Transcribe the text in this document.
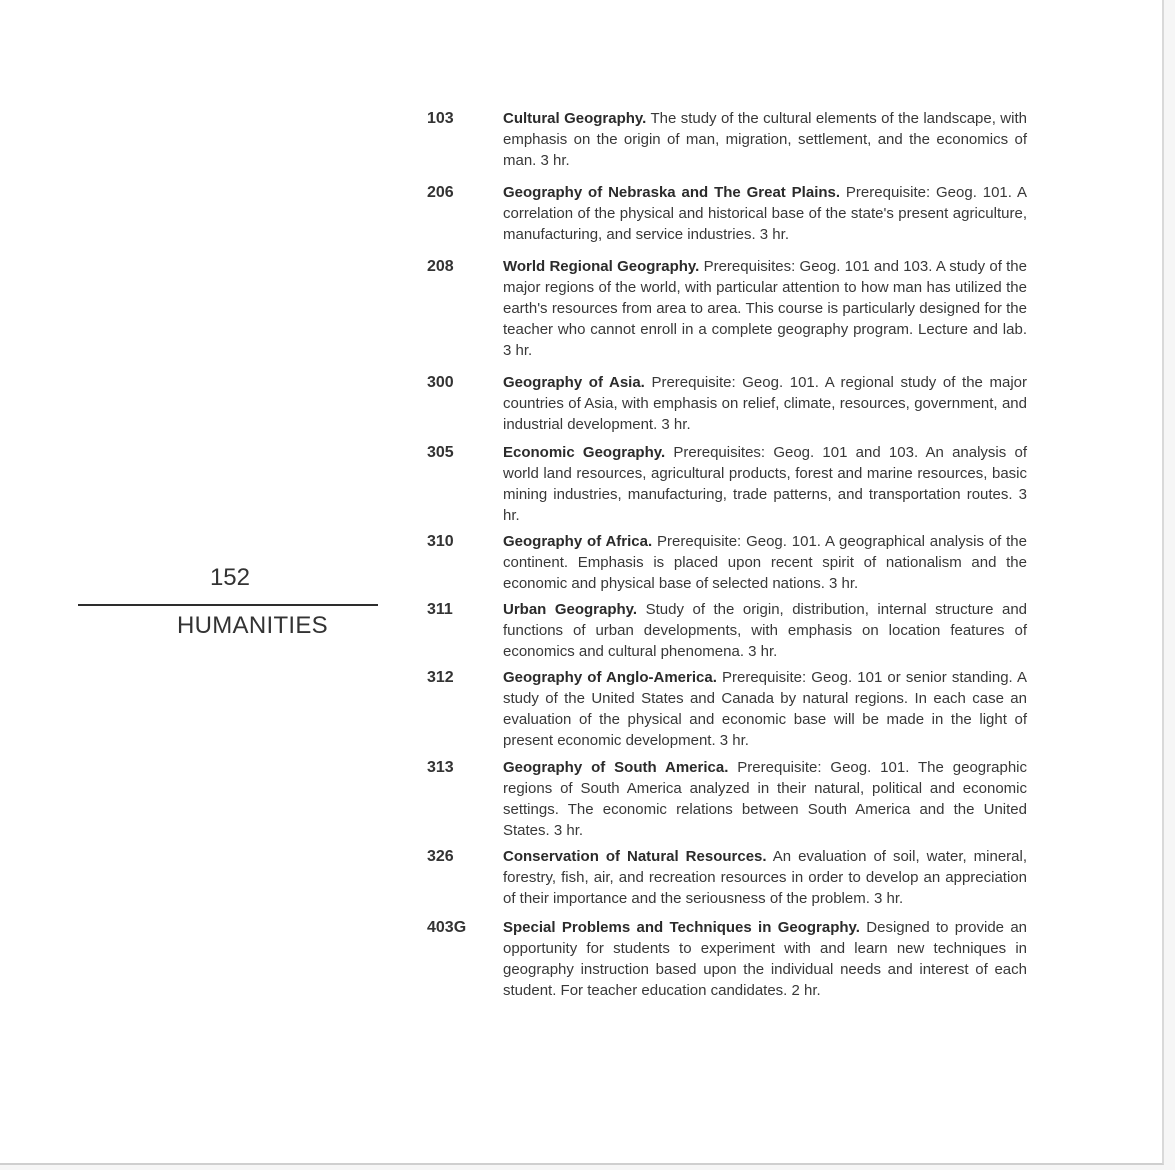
152
HUMANITIES
103	Cultural Geography. The study of the cultural elements of the landscape, with emphasis on the origin of man, migration, settlement, and the economics of man. 3 hr.
206	Geography of Nebraska and The Great Plains. Prerequisite: Geog. 101. A correlation of the physical and historical base of the state's present agriculture, manufacturing, and service industries. 3 hr.
208	World Regional Geography. Prerequisites: Geog. 101 and 103. A study of the major regions of the world, with particular attention to how man has utilized the earth's resources from area to area. This course is particularly designed for the teacher who cannot enroll in a complete geography program. Lecture and lab. 3 hr.
300	Geography of Asia. Prerequisite: Geog. 101. A regional study of the major countries of Asia, with emphasis on relief, climate, resources, government, and industrial development. 3 hr.
305	Economic Geography. Prerequisites: Geog. 101 and 103. An analysis of world land resources, agricultural products, forest and marine resources, basic mining industries, manufacturing, trade patterns, and transportation routes. 3 hr.
310	Geography of Africa. Prerequisite: Geog. 101. A geographical analysis of the continent. Emphasis is placed upon recent spirit of nationalism and the economic and physical base of selected nations. 3 hr.
311	Urban Geography. Study of the origin, distribution, internal structure and functions of urban developments, with emphasis on location features of economics and cultural phenomena. 3 hr.
312	Geography of Anglo-America. Prerequisite: Geog. 101 or senior standing. A study of the United States and Canada by natural regions. In each case an evaluation of the physical and economic base will be made in the light of present economic development. 3 hr.
313	Geography of South America. Prerequisite: Geog. 101. The geographic regions of South America analyzed in their natural, political and economic settings. The economic relations between South America and the United States. 3 hr.
326	Conservation of Natural Resources. An evaluation of soil, water, mineral, forestry, fish, air, and recreation resources in order to develop an appreciation of their importance and the seriousness of the problem. 3 hr.
403G	Special Problems and Techniques in Geography. Designed to provide an opportunity for students to experiment with and learn new techniques in geography instruction based upon the individual needs and interest of each student. For teacher education candidates. 2 hr.
